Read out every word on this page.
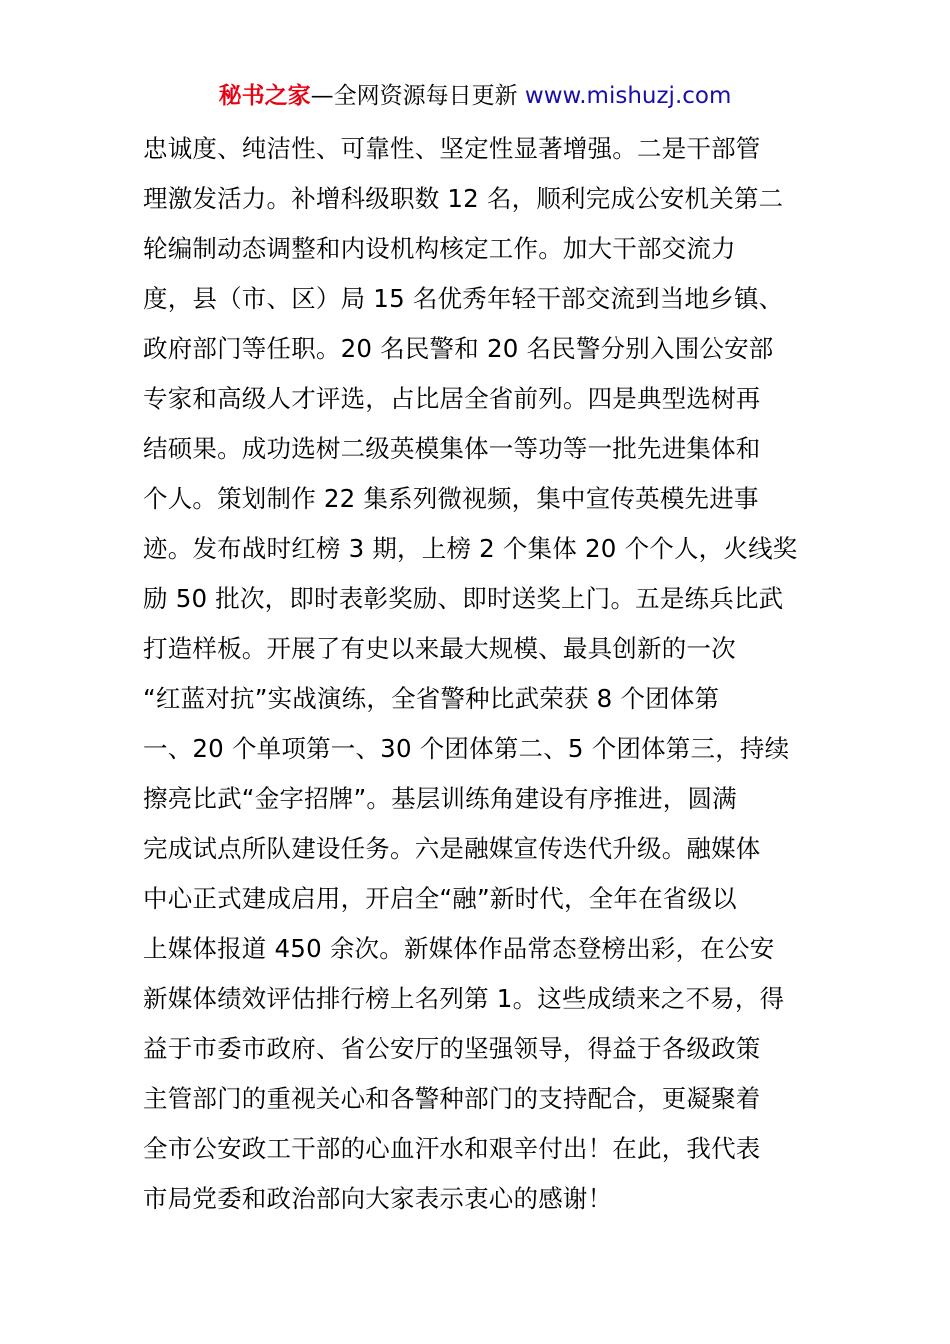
秘书之家—全网资源每日更新 www.mishuzj.com
忠诚度、纯洁性、可靠性、坚定性显著增强。二是干部管
理激发活力。补增科级职数 12 名，顺利完成公安机关第二
轮编制动态调整和内设机构核定工作。加大干部交流力
度，县（市、区）局 15 名优秀年轻干部交流到当地乡镇、
政府部门等任职。20 名民警和 20 名民警分别入围公安部
专家和高级人才评选，占比居全省前列。四是典型选树再
结硕果。成功选树二级英模集体一等功等一批先进集体和
个人。策划制作 22 集系列微视频，集中宣传英模先进事
迹。发布战时红榜 3 期，上榜 2 个集体 20 个个人，火线奖
励 50 批次，即时表彰奖励、即时送奖上门。五是练兵比武
打造样板。开展了有史以来最大规模、最具创新的一次
“红蓝对抗”实战演练，全省警种比武荣获 8 个团体第
一、20 个单项第一、30 个团体第二、5 个团体第三，持续
擦亮比武“金字招牌”。基层训练角建设有序推进，圆满
完成试点所队建设任务。六是融媒宣传迭代升级。融媒体
中心正式建成启用，开启全“融”新时代，全年在省级以
上媒体报道 450 余次。新媒体作品常态登榜出彩，在公安
新媒体绩效评估排行榜上名列第 1。这些成绩来之不易，得
益于市委市政府、省公安厅的坚强领导，得益于各级政策
主管部门的重视关心和各警种部门的支持配合，更凝聚着
全市公安政工干部的心血汗水和艰辛付出！在此，我代表
市局党委和政治部向大家表示衷心的感谢！
